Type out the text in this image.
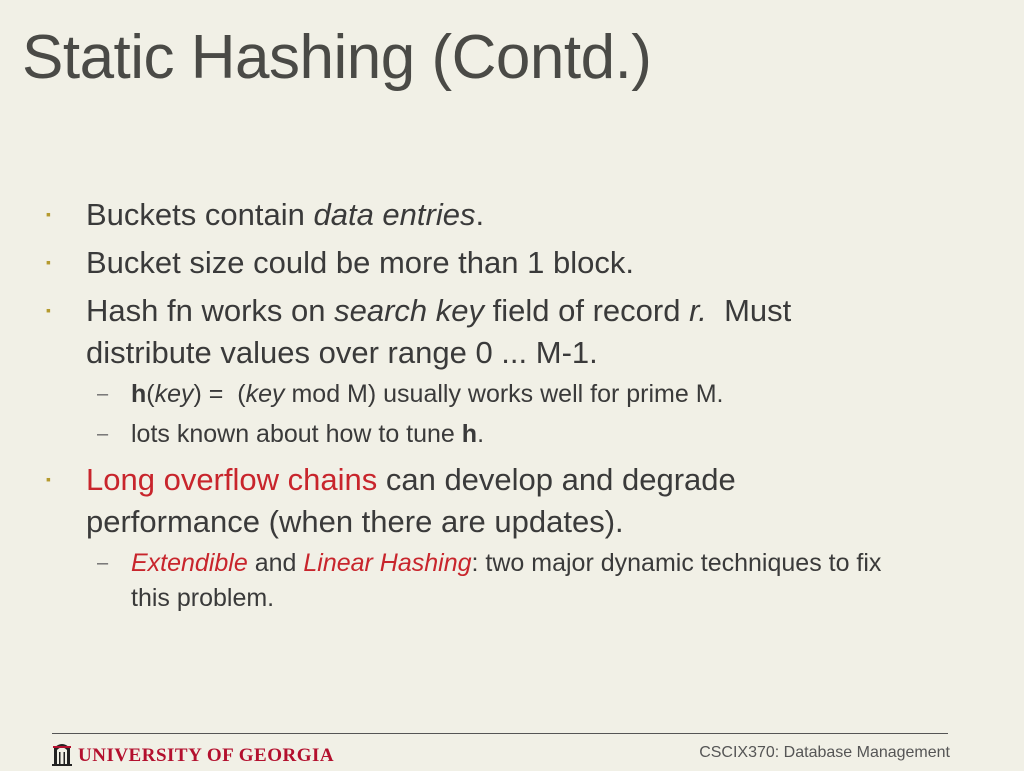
Static Hashing (Contd.)
▪ Buckets contain data entries.
▪ Bucket size could be more than 1 block.
▪ Hash fn works on search key field of record r.  Must
distribute values over range 0 ... M-1.
– h(key) =  (key mod M) usually works well for prime M.
– lots known about how to tune h.
▪ Long overflow chains can develop and degrade
performance (when there are updates).
– Extendible and Linear Hashing: two major dynamic techniques to fix
this problem.
UNIVERSITY OF GEORGIA	CSCIX370: Database Management
